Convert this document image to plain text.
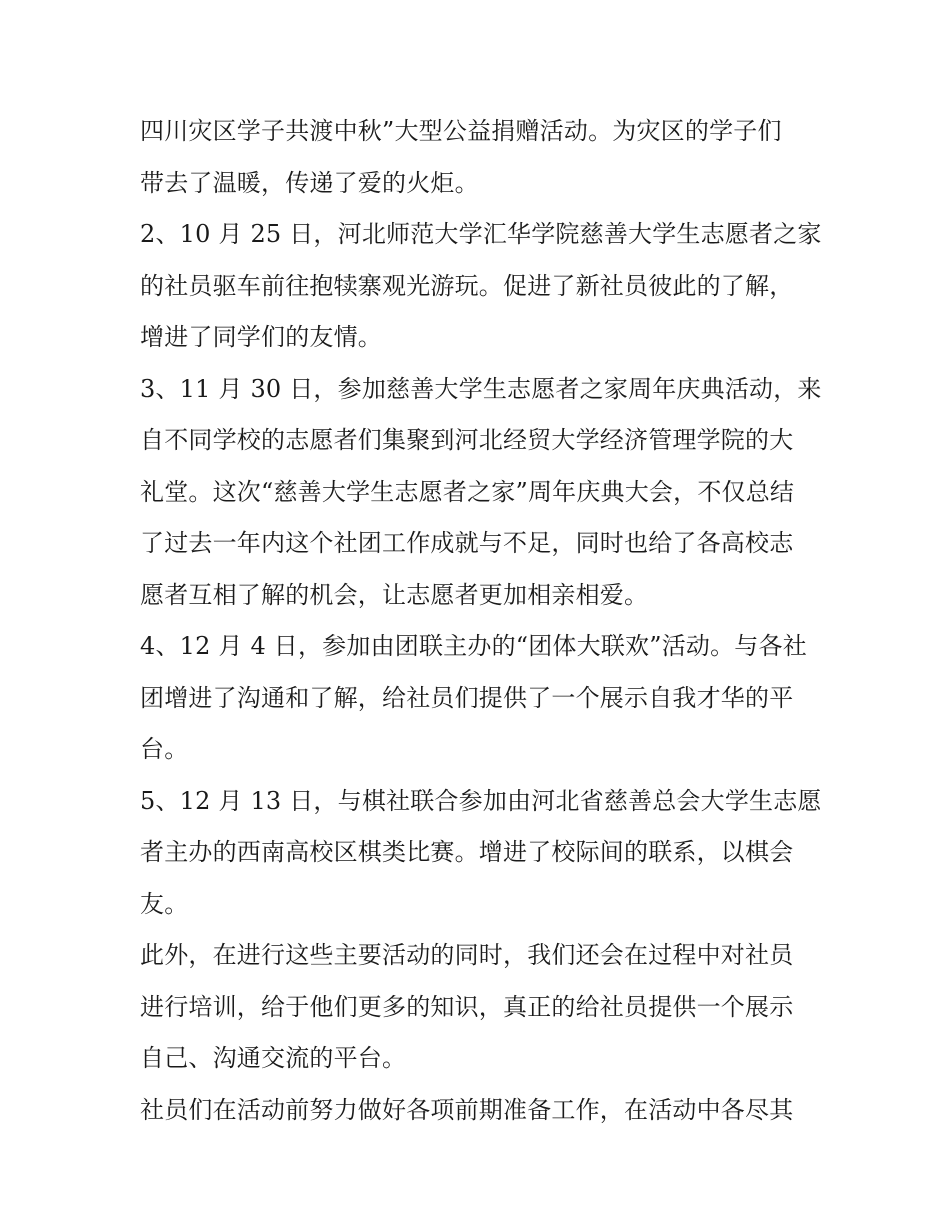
四川灾区学子共渡中秋”大型公益捐赠活动。为灾区的学子们
带去了温暖，传递了爱的火炬。
2、10 月 25 日，河北师范大学汇华学院慈善大学生志愿者之家
的社员驱车前往抱犊寨观光游玩。促进了新社员彼此的了解，
增进了同学们的友情。
3、11 月 30 日，参加慈善大学生志愿者之家周年庆典活动，来
自不同学校的志愿者们集聚到河北经贸大学经济管理学院的大
礼堂。这次“慈善大学生志愿者之家”周年庆典大会，不仅总结
了过去一年内这个社团工作成就与不足，同时也给了各高校志
愿者互相了解的机会，让志愿者更加相亲相爱。
4、12 月 4 日，参加由团联主办的“团体大联欢”活动。与各社
团增进了沟通和了解，给社员们提供了一个展示自我才华的平
台。
5、12 月 13 日，与棋社联合参加由河北省慈善总会大学生志愿
者主办的西南高校区棋类比赛。增进了校际间的联系，以棋会
友。
此外，在进行这些主要活动的同时，我们还会在过程中对社员
进行培训，给于他们更多的知识，真正的给社员提供一个展示
自己、沟通交流的平台。
社员们在活动前努力做好各项前期准备工作，在活动中各尽其
